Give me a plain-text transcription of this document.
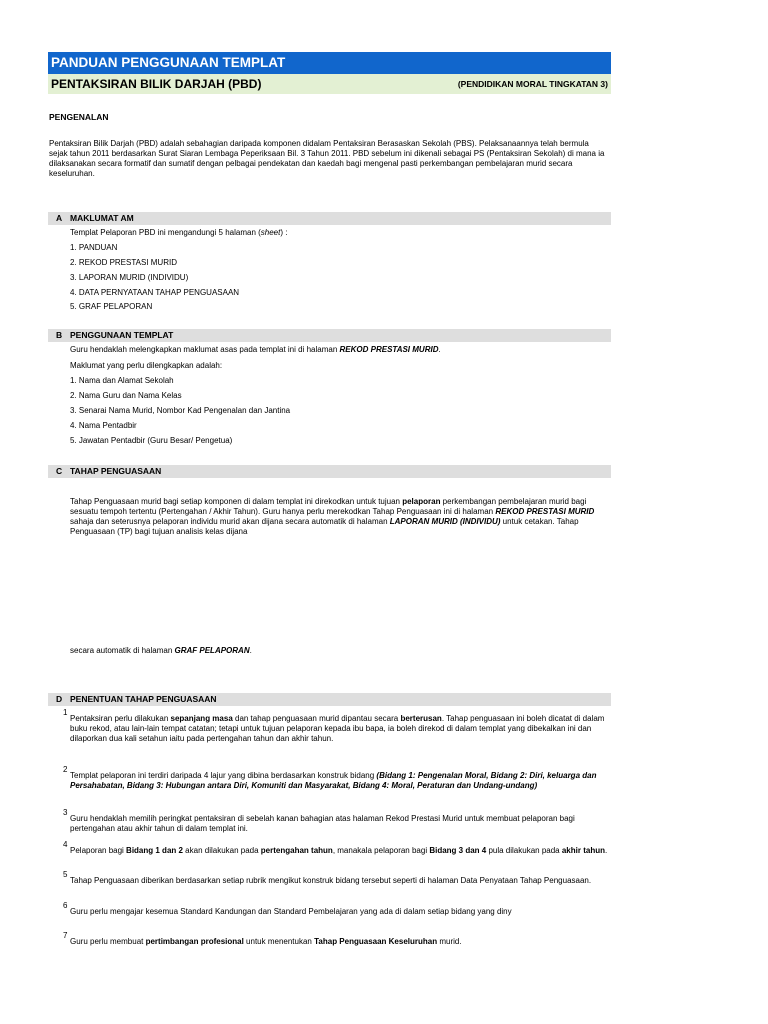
PANDUAN PENGGUNAAN TEMPLAT
PENTAKSIRAN BILIK DARJAH (PBD)	(PENDIDIKAN MORAL TINGKATAN 3)
PENGENALAN
Pentaksiran Bilik Darjah (PBD) adalah sebahagian daripada komponen didalam Pentaksiran Berasaskan Sekolah (PBS). Pelaksanaannya telah bermula sejak tahun 2011 berdasarkan Surat Siaran Lembaga Peperiksaan Bil. 3 Tahun 2011. PBD sebelum ini dikenali sebagai PS (Pentaksiran Sekolah) di mana ia dilaksanakan secara formatif dan sumatif dengan pelbagai pendekatan dan kaedah bagi mengenal pasti perkembangan pembelajaran murid secara keseluruhan.
A MAKLUMAT AM
Templat Pelaporan PBD ini mengandungi 5 halaman (sheet) :
1. PANDUAN
2. REKOD PRESTASI MURID
3. LAPORAN MURID (INDIVIDU)
4. DATA PERNYATAAN TAHAP PENGUASAAN
5. GRAF PELAPORAN
B PENGGUNAAN TEMPLAT
Guru hendaklah melengkapkan maklumat asas pada templat ini di halaman REKOD PRESTASI MURID.
Maklumat yang perlu dilengkapkan adalah:
1. Nama dan Alamat Sekolah
2. Nama Guru dan Nama Kelas
3. Senarai Nama Murid, Nombor Kad Pengenalan dan Jantina
4. Nama Pentadbir
5. Jawatan Pentadbir (Guru Besar/ Pengetua)
C TAHAP PENGUASAAN
Tahap Penguasaan murid bagi setiap komponen di dalam templat ini direkodkan untuk tujuan pelaporan perkembangan pembelajaran murid bagi sesuatu tempoh tertentu (Pertengahan / Akhir Tahun). Guru hanya perlu merekodkan Tahap Penguasaan ini di halaman REKOD PRESTASI MURID sahaja dan seterusnya pelaporan individu murid akan dijana secara automatik di halaman LAPORAN MURID (INDIVIDU) untuk cetakan. Tahap Penguasaan (TP) bagi tujuan analisis kelas dijana
secara automatik di halaman GRAF PELAPORAN.
D PENENTUAN TAHAP PENGUASAAN
1
Pentaksiran perlu dilakukan sepanjang masa dan tahap penguasaan murid dipantau secara berterusan. Tahap penguasaan ini boleh dicatat di dalam buku rekod, atau lain-lain tempat catatan; tetapi untuk tujuan pelaporan kepada ibu bapa, ia boleh direkod di dalam templat yang dibekalkan ini dan dilaporkan dua kali setahun iaitu pada pertengahan tahun dan akhir tahun.
2
Templat pelaporan ini terdiri daripada 4 lajur yang dibina berdasarkan konstruk bidang (Bidang 1: Pengenalan Moral, Bidang 2: Diri, keluarga dan Persahabatan, Bidang 3: Hubungan antara Diri, Komuniti dan Masyarakat, Bidang 4: Moral, Peraturan dan Undang-undang)
3
Guru hendaklah memilih peringkat pentaksiran di sebelah kanan bahagian atas halaman Rekod Prestasi Murid untuk membuat pelaporan bagi pertengahan atau akhir tahun di dalam templat ini.
4
Pelaporan bagi Bidang 1 dan 2 akan dilakukan pada pertengahan tahun, manakala pelaporan bagi Bidang 3 dan 4 pula dilakukan pada akhir tahun.
5
Tahap Penguasaan diberikan berdasarkan setiap rubrik mengikut konstruk bidang tersebut seperti di halaman Data Penyataan Tahap Penguasaan.
6
Guru perlu mengajar kesemua Standard Kandungan dan Standard Pembelajaran yang ada di dalam setiap bidang yang diny
7
Guru perlu membuat pertimbangan profesional untuk menentukan Tahap Penguasaan Keseluruhan murid.
